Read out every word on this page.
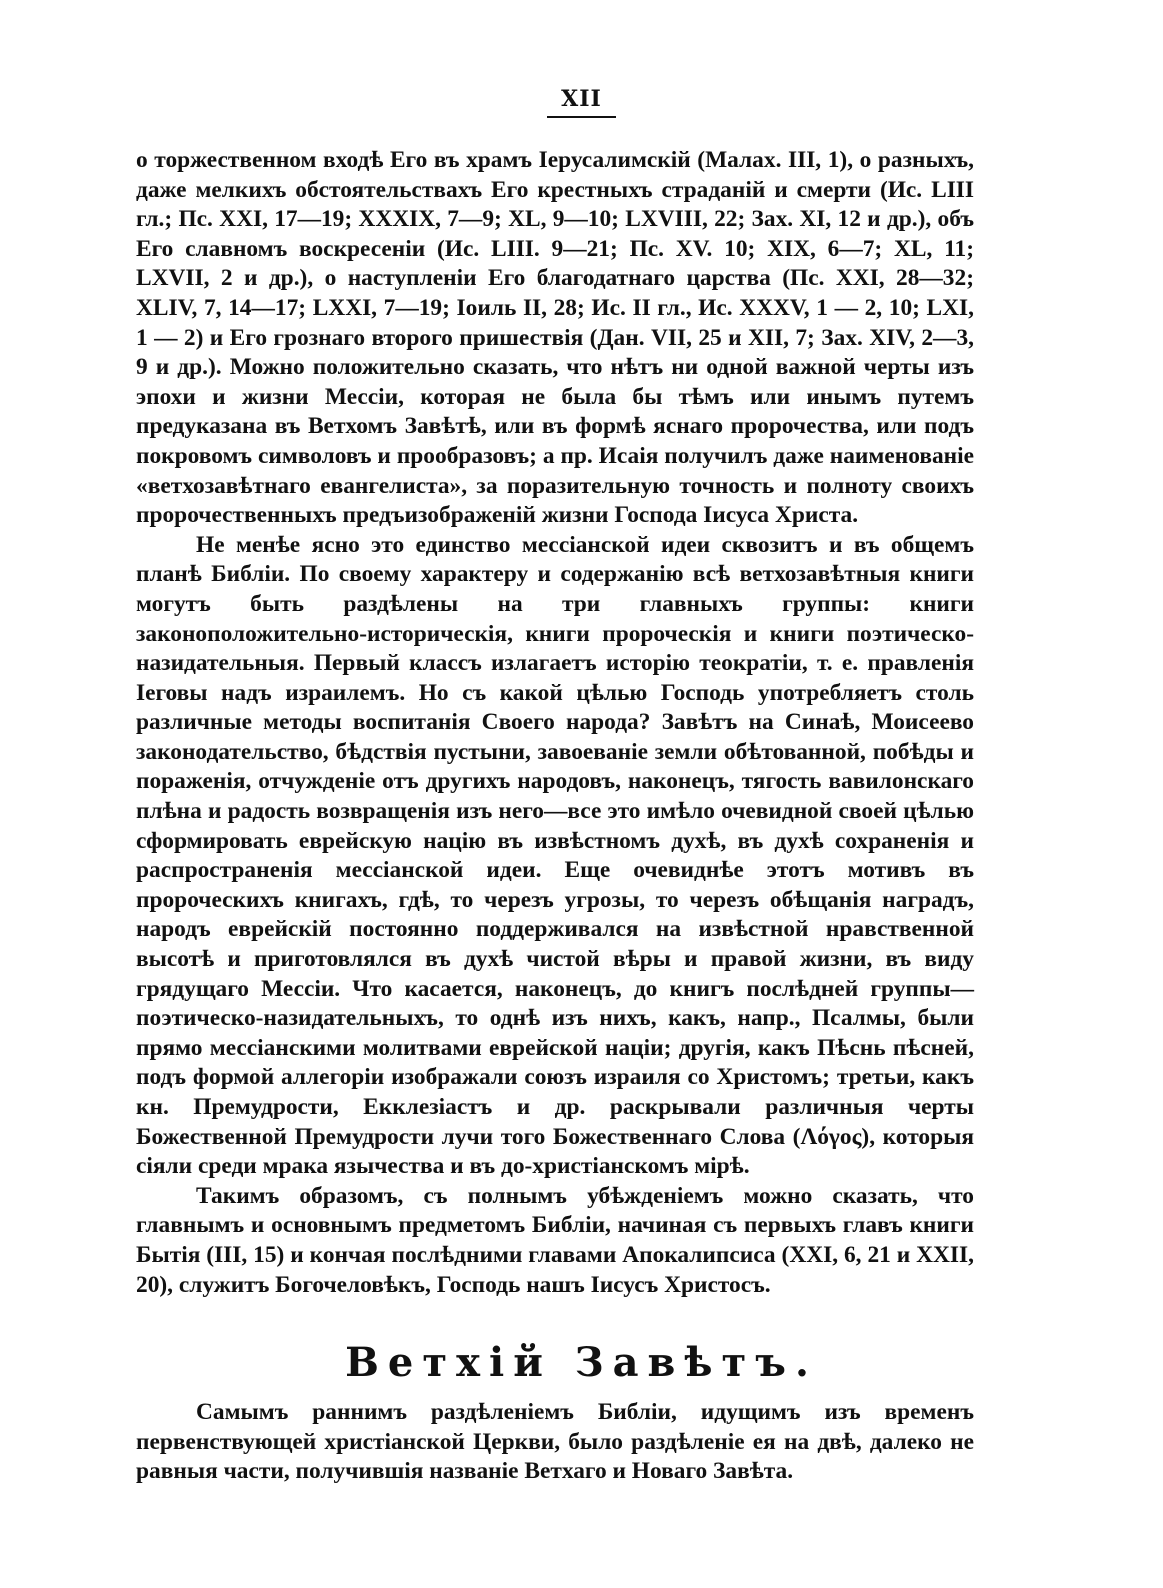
XII

о торжественном входѣ Его въ храмъ Іерусалимскій (Малах. III, 1), о разныхъ, даже мелкихъ обстоятельствахъ Его крестныхъ страданій и смерти (Ис. LIII гл.; Пс. XXI, 17—19; XXXIX, 7—9; XL, 9—10; LXVIII, 22; Зах. XI, 12 и др.), объ Его славномъ воскресеніи (Ис. LIII. 9—21; Пс. XV. 10; XIX, 6—7; XL, 11; LXVII, 2 и др.), о наступленіи Его благодатнаго царства (Пс. XXI, 28—32; XLIV, 7, 14—17; LXXI, 7—19; Іоиль II, 28; Ис. II гл., Ис. XXXV, 1 — 2, 10; LXI, 1 — 2) и Его грознаго второго пришествія (Дан. VII, 25 и XII, 7; Зах. XIV, 2—3, 9 и др.). Можно положительно сказать, что нѣтъ ни одной важной черты изъ эпохи и жизни Мессіи, которая не была бы тѣмъ или инымъ путемъ предуказана въ Ветхомъ Завѣтѣ, или въ формѣ яснаго пророчества, или подъ покровомъ символовъ и прообразовъ; а пр. Исаія получилъ даже наименованіе «ветхозавѣтнаго евангелиста», за поразительную точность и полноту своихъ пророчественныхъ предъизображеній жизни Господа Іисуса Христа.

Не менѣе ясно это единство мессіанской идеи сквозитъ и въ общемъ планѣ Библіи. По своему характеру и содержанію всѣ ветхозавѣтныя книги могутъ быть раздѣлены на три главныхъ группы: книги законоположительно-историческія, книги пророческія и книги поэтическо-назидательныя. Первый классъ излагаетъ исторію теократіи, т. е. правленія Іеговы надъ израилемъ. Но съ какой цѣлью Господь употребляетъ столь различные методы воспитанія Своего народа? Завѣтъ на Синаѣ, Моисеево законодательство, бѣдствія пустыни, завоеваніе земли обѣтованной, побѣды и пораженія, отчужденіе отъ другихъ народовъ, наконецъ, тягость вавилонскаго плѣна и радость возвращенія изъ него—все это имѣло очевидной своей цѣлью сформировать еврейскую націю въ извѣстномъ духѣ, въ духѣ сохраненія и распространенія мессіанской идеи. Еще очевиднѣе этотъ мотивъ въ пророческихъ книгахъ, гдѣ, то черезъ угрозы, то черезъ обѣщанія наградъ, народъ еврейскій постоянно поддерживался на извѣстной нравственной высотѣ и приготовлялся въ духѣ чистой вѣры и правой жизни, въ виду грядущаго Мессіи. Что касается, наконецъ, до книгъ послѣдней группы—поэтическо-назидательныхъ, то однѣ изъ нихъ, какъ, напр., Псалмы, были прямо мессіанскими молитвами еврейской націи; другія, какъ Пѣснь пѣсней, подъ формой аллегоріи изображали союзъ израиля со Христомъ; третьи, какъ кн. Премудрости, Екклезіастъ и др. раскрывали различныя черты Божественной Премудрости лучи того Божественнаго Слова (Λόγος), которыя сіяли среди мрака язычества и въ до-христіанскомъ мірѣ.

Такимъ образомъ, съ полнымъ убѣжденіемъ можно сказать, что главнымъ и основнымъ предметомъ Библіи, начиная съ первыхъ главъ книги Бытія (III, 15) и кончая послѣдними главами Апокалипсиса (XXI, 6, 21 и XXII, 20), служитъ Богочеловѣкъ, Господь нашъ Іисусъ Христосъ.

Ветхій Завѣтъ.

Самымъ раннимъ раздѣленіемъ Библіи, идущимъ изъ временъ первенствующей христіанской Церкви, было раздѣленіе ея на двѣ, далеко не равныя части, получившія названіе Ветхаго и Новаго Завѣта.
